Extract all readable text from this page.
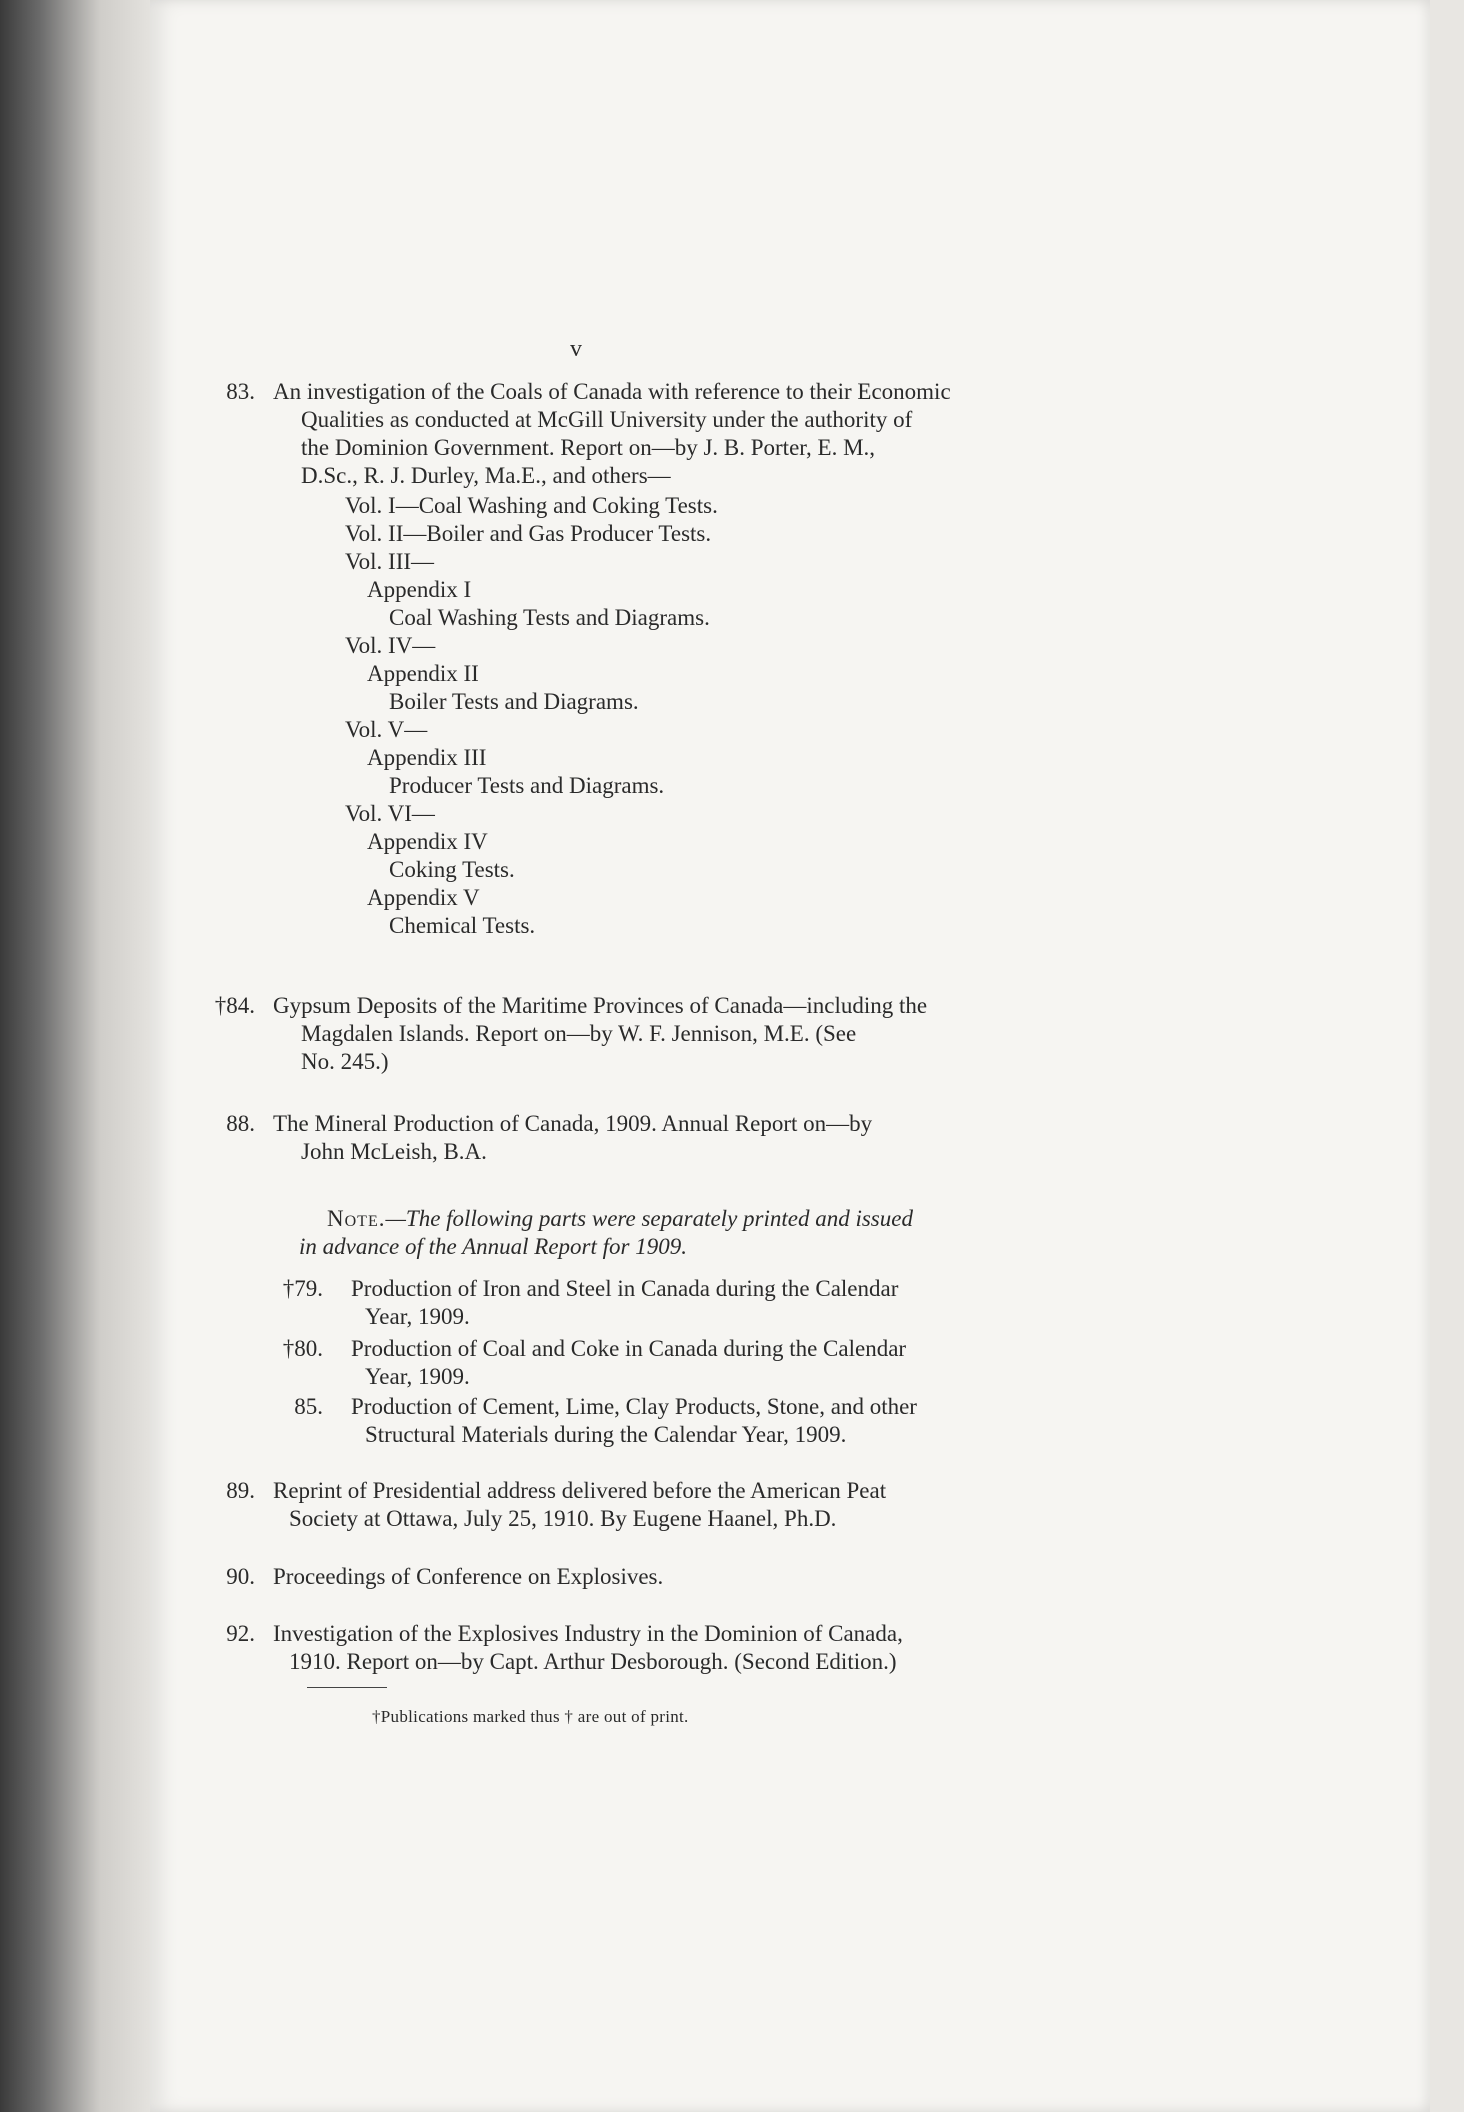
v
83. An investigation of the Coals of Canada with reference to their Economic
Qualities as conducted at McGill University under the authority of
the Dominion Government. Report on—by J. B. Porter, E. M.,
D.Sc., R. J. Durley, Ma.E., and others—
Vol. I—Coal Washing and Coking Tests.
Vol. II—Boiler and Gas Producer Tests.
Vol. III—
Appendix I
Coal Washing Tests and Diagrams.
Vol. IV—
Appendix II
Boiler Tests and Diagrams.
Vol. V—
Appendix III
Producer Tests and Diagrams.
Vol. VI—
Appendix IV
Coking Tests.
Appendix V
Chemical Tests.
†84. Gypsum Deposits of the Maritime Provinces of Canada—including the
Magdalen Islands. Report on—by W. F. Jennison, M.E. (See
No. 245.)
88. The Mineral Production of Canada, 1909. Annual Report on—by
John McLeish, B.A.
Note.—The following parts were separately printed and issued
in advance of the Annual Report for 1909.
†79. Production of Iron and Steel in Canada during the Calendar
Year, 1909.
†80. Production of Coal and Coke in Canada during the Calendar
Year, 1909.
85. Production of Cement, Lime, Clay Products, Stone, and other
Structural Materials during the Calendar Year, 1909.
89. Reprint of Presidential address delivered before the American Peat
Society at Ottawa, July 25, 1910. By Eugene Haanel, Ph.D.
90. Proceedings of Conference on Explosives.
92. Investigation of the Explosives Industry in the Dominion of Canada,
1910. Report on—by Capt. Arthur Desborough. (Second Edition.)
†Publications marked thus † are out of print.
